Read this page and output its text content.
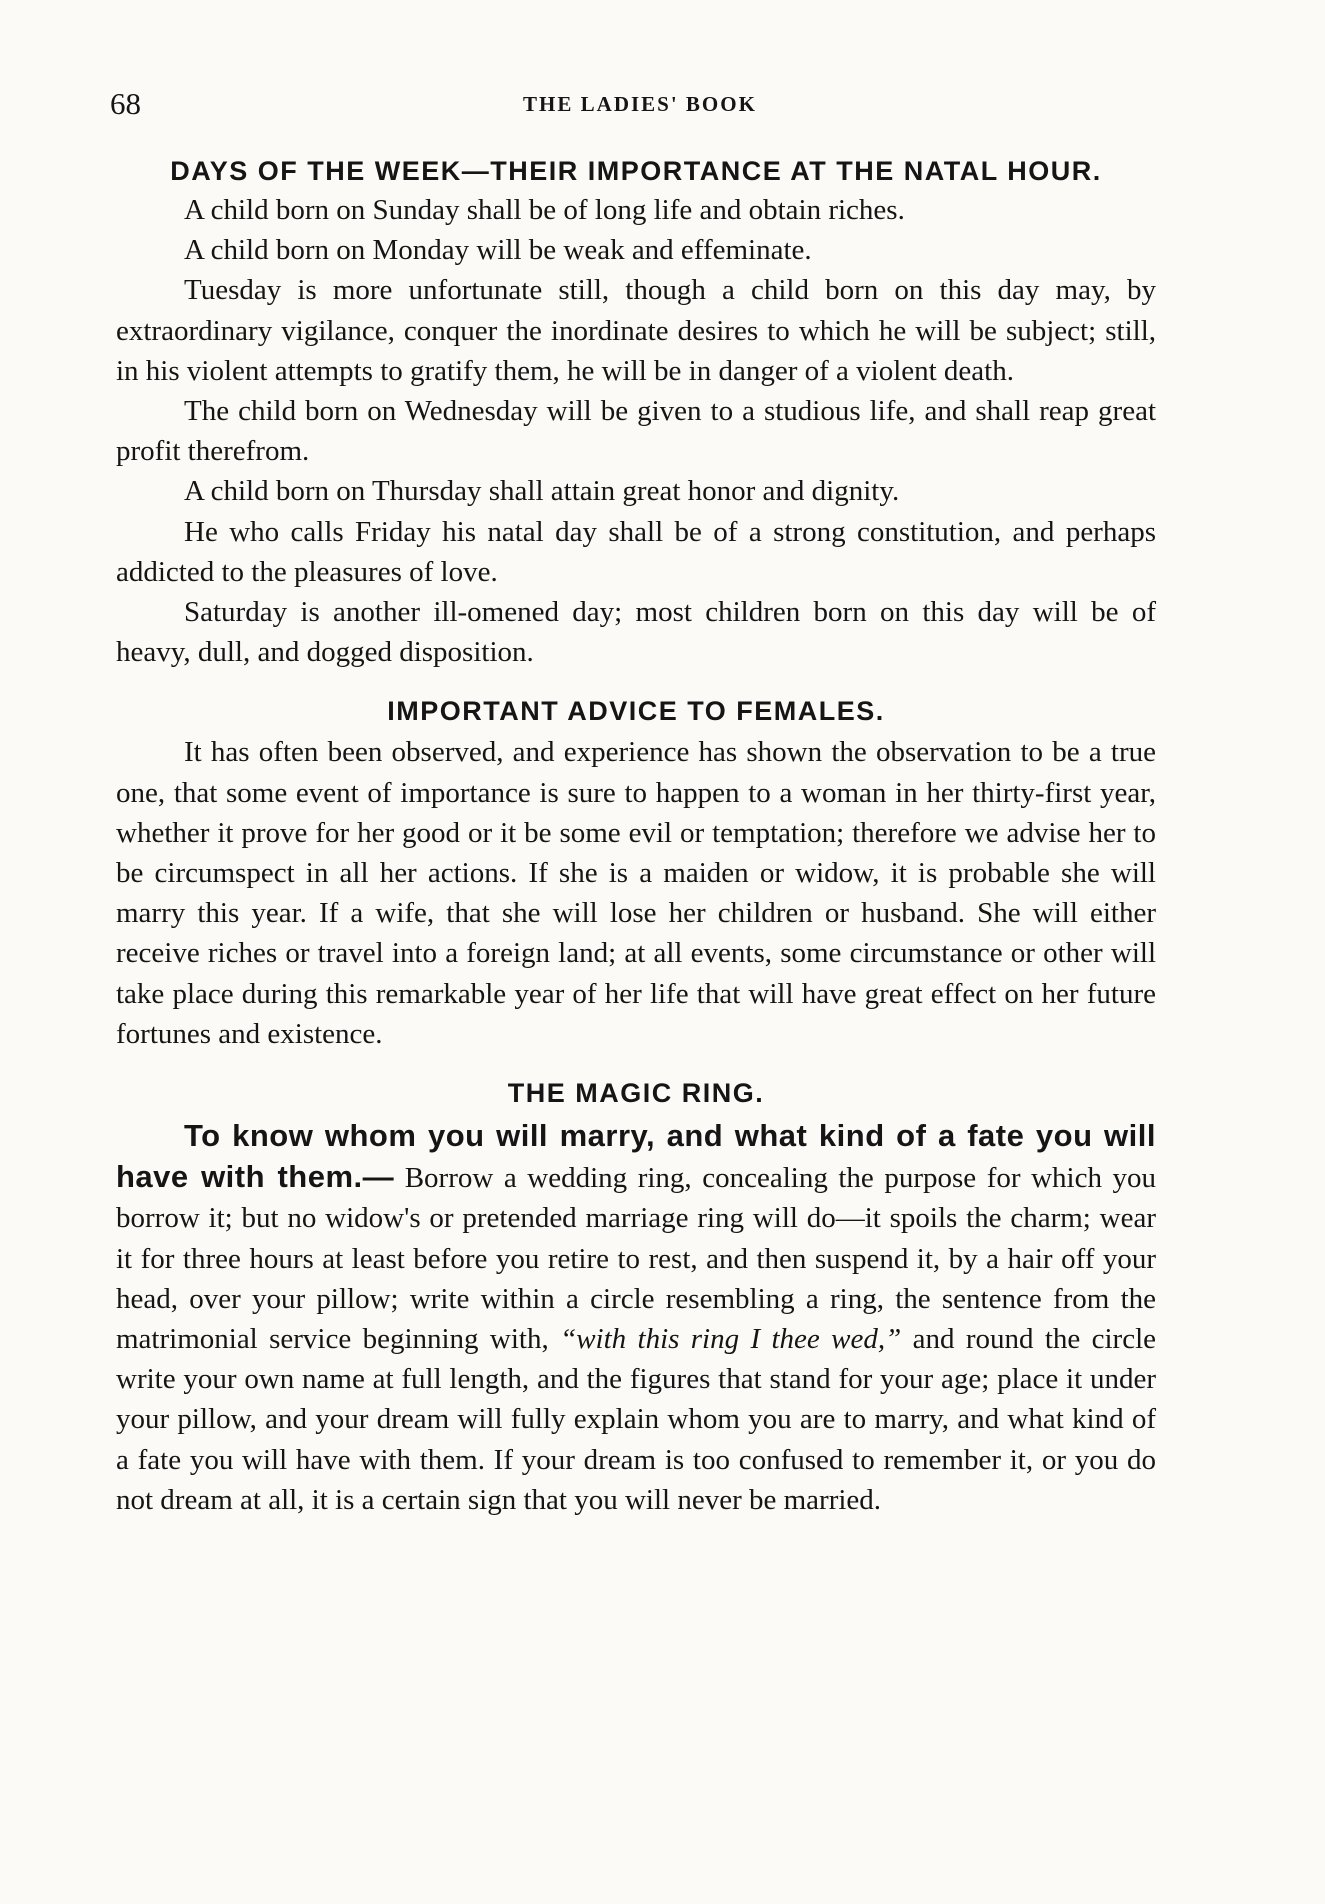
68	THE LADIES' BOOK
DAYS OF THE WEEK—THEIR IMPORTANCE AT THE NATAL HOUR.

A child born on Sunday shall be of long life and obtain riches.

A child born on Monday will be weak and effeminate.

Tuesday is more unfortunate still, though a child born on this day may, by extraordinary vigilance, conquer the inordinate desires to which he will be subject; still, in his violent attempts to gratify them, he will be in danger of a violent death.

The child born on Wednesday will be given to a studious life, and shall reap great profit therefrom.

A child born on Thursday shall attain great honor and dignity.

He who calls Friday his natal day shall be of a strong constitution, and perhaps addicted to the pleasures of love.

Saturday is another ill-omened day; most children born on this day will be of heavy, dull, and dogged disposition.

IMPORTANT ADVICE TO FEMALES.

It has often been observed, and experience has shown the observation to be a true one, that some event of importance is sure to happen to a woman in her thirty-first year, whether it prove for her good or it be some evil or temptation; therefore we advise her to be circumspect in all her actions. If she is a maiden or widow, it is probable she will marry this year. If a wife, that she will lose her children or husband. She will either receive riches or travel into a foreign land; at all events, some circumstance or other will take place during this remarkable year of her life that will have great effect on her future fortunes and existence.

THE MAGIC RING.

To know whom you will marry, and what kind of a fate you will have with them.— Borrow a wedding ring, concealing the purpose for which you borrow it; but no widow's or pretended marriage ring will do—it spoils the charm; wear it for three hours at least before you retire to rest, and then suspend it, by a hair off your head, over your pillow; write within a circle resembling a ring, the sentence from the matrimonial service beginning with, “with this ring I thee wed,” and round the circle write your own name at full length, and the figures that stand for your age; place it under your pillow, and your dream will fully explain whom you are to marry, and what kind of a fate you will have with them. If your dream is too confused to remember it, or you do not dream at all, it is a certain sign that you will never be married.
